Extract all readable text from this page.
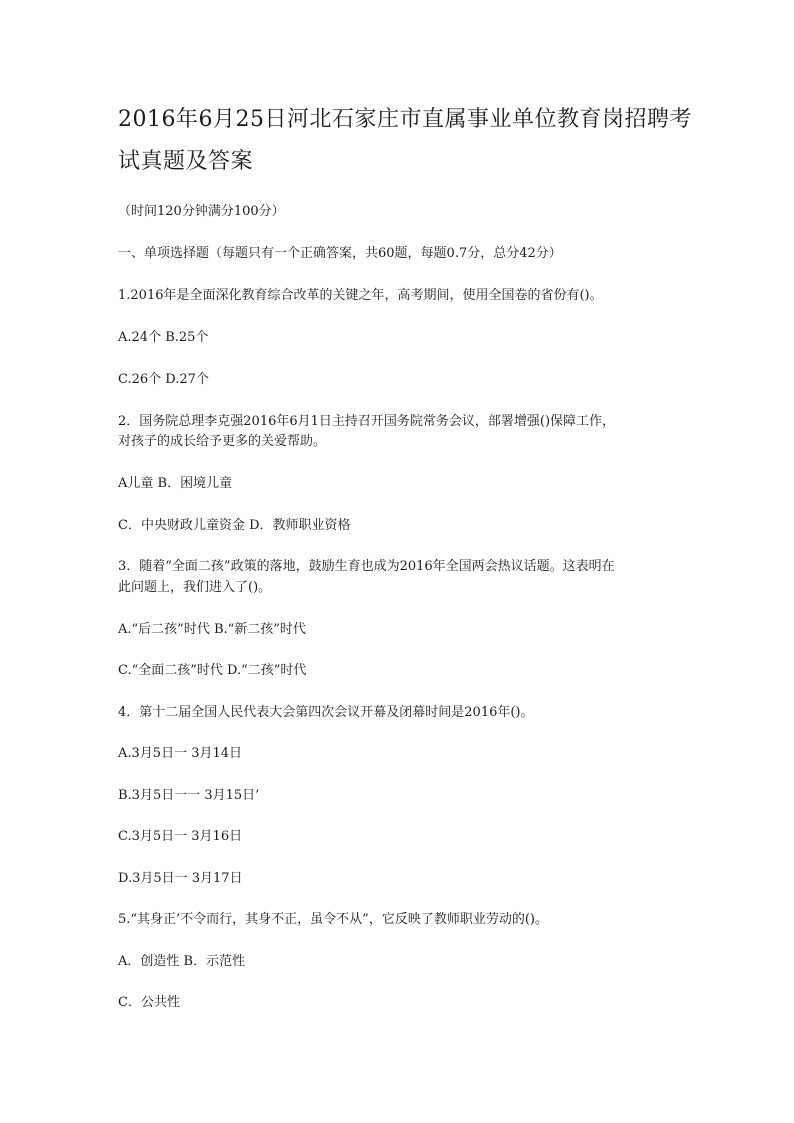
2016年6月25日河北石家庄市直属事业单位教育岗招聘考
试真题及答案

（时间120分钟满分100分）

一、单项选择题（每题只有一个正确答案，共60题，每题0.7分，总分42分）

1.2016年是全面深化教育综合改革的关键之年，高考期间，使用全国卷的省份有()。

A.24个 B.25个

C.26个 D.27个

2．国务院总理李克强2016年6月1日主持召开国务院常务会议，部署增强()保障工作，

对孩子的成长给予更多的关爱帮助。

A儿童 B．困境儿童

C．中央财政儿童资金 D．教师职业资格

3．随着“全面二孩”政策的落地，鼓励生育也成为2016年全国两会热议话题。这表明在

此问题上，我们进入了()。

A.“后二孩”时代 B.“新二孩”时代

C.“全面二孩”时代 D.“二孩”时代

4．第十二届全国人民代表大会第四次会议开幕及闭幕时间是2016年()。

A.3月5日一 3月14日

B.3月5日一一 3月15日’

C.3月5日一 3月16日

D.3月5日一 3月17日

5.“其身正’不令而行，其身不正，虽令不从”，它反映了教师职业劳动的()。

A．创造性 B．示范性

C．公共性
